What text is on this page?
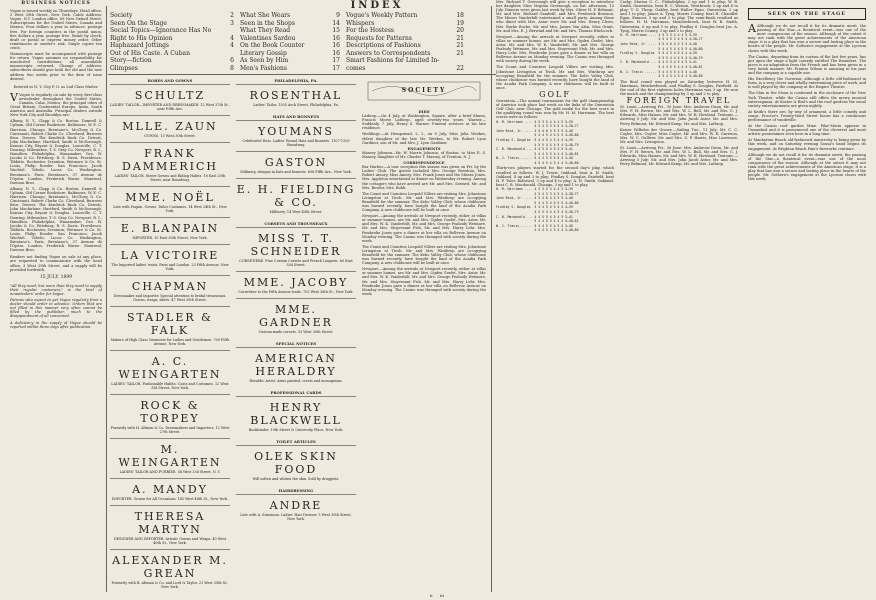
BUSINESS NOTICES
Vogue is issued weekly on Thursdays. Head office, 3 West 29th Street, New York. Cable Address: Vogue, N.Y. London office, 69 New Oxford Street. Subscriptions for the United States, Canada and Mexico, Four dollars a year in advance, postage free. For foreign countries in the postal union, five dollars a year, postage free. Remit by check, draft or postal or express money order. Other remittances at sender's risk. Single copies ten cents.
Manuscripts must be accompanied with postage for return. Vogue assumes no responsibility for unsolicited contributions; all unavailable manuscripts returned. Change of address: subscribers should give both the old and the new address two weeks prior to the date of issue desired.
Entered at N. Y. City P. O. as 2nd Class Matter.
V Vogue is regularly on sale by every first-class newsdealer throughout the United States, Canada, Cuba, Mexico, the principal cities of Great Britain, Continental Europe, India, South America and Australia. Principal dealers outside New York City and Brooklyn are:
Albany, N. Y., Clapp & Co. Boston, Damrell & Upham, Old Corner Bookstore. Baltimore, W. E. C. Harrison. Chicago, Brentano's, McClurg & Co. Cincinnati, Robert Clarke Co. Cleveland, Burrows Bros. Denver, The Kendrick Book Co. Detroit, John Macfarlane. Hartford, Smith & McDonough. Kansas City, Bryant & Douglas. Louisville, C. T. Dearing. Milwaukee, T. S. Gray Co. Newport, R. I., Hamilton. Philadelphia, Wanamaker, Geo. W. Jacobs & Co. Pittsburg, R. S. Davis. Providence, Tibbitts. Rochester, Scranton, Wetmore & Co. St. Louis, Philip Roeder. San Francisco, Jacob Wachtel. Toledo, Lucas Co. Washington, Brentano's. Paris, Brentano's, 37 Avenue de l'Opéra. London, Frederick Warne. Montreal, Dawson Bros.
Albany, N. Y., Clapp & Co. Boston, Damrell & Upham, Old Corner Bookstore. Baltimore, W. E. C. Harrison. Chicago, Brentano's, McClurg & Co. Cincinnati, Robert Clarke Co. Cleveland, Burrows Bros. Denver, The Kendrick Book Co. Detroit, John Macfarlane. Hartford, Smith & McDonough. Kansas City, Bryant & Douglas. Louisville, C. T. Dearing. Milwaukee, T. S. Gray Co. Newport, R. I., Hamilton. Philadelphia, Wanamaker, Geo. W. Jacobs & Co. Pittsburg, R. S. Davis. Providence, Tibbitts. Rochester, Scranton, Wetmore & Co. St. Louis, Philip Roeder. San Francisco, Jacob Wachtel. Toledo, Lucas Co. Washington, Brentano's. Paris, Brentano's, 37 Avenue de l'Opéra. London, Frederick Warne. Montreal, Dawson Bros.
Readers not finding Vogue on sale at any place, are requested to communicate with the head office, 3 West 29th Street, and a supply will be provided forthwith.
15 JULY, 1899
"All they need, but more than they need to supply their regular customers," is the kind of newsdealers' order for Vogue.
Patrons who expect to get Vogue regularly from a dealer should order in advance. Orders that are not filled in this manner very often cannot be filled by the publisher, much to the disappointment of all concerned.
A deficiency in the supply of Vogue should be reported within three days after publication.
INDEX
Society	2
Seen On the Stage	3
Social Topics—Ignorance Has No
Right to His Opinion	4
Haphazard Jottings	4
Out of His Caste. A Cuban
Story—fiction	6
Glimpses	8
What She Wears	9
Seen in the Shops	14
What They Read	15
Valentines Sardou	16
On the Book Counter	16
Literary Gossip	16
As Seen by Him	17
Men's Fashions	17
Vogue's Weekly Pattern	18
Whispers	19
For the Hostess	20
Requests for Patterns	21
Descriptions of Fashions	21
Answers to Correspondents	21
Smart Fashions for Limited In-
comes	22
ROBES AND GOWNS
SCHULTZ
LADIES' TAILOR—IMPORTER AND DRESSMAKER. 12 West 37th St., near Fifth Ave.
MLLE. ZAUN
GOWNS. 15 West 30th Street.
FRANK DAMMERICH
LADIES' TAILOR. Street Gowns and Riding Habits. 18 East 20th Street, near Broadway.
MME. NOËL
Late with Paquin. Gowns, Tailor Costumes. 14 West 24th St., New York.
E. BLANPAIN
IMPORTER. 10 East 30th Street, New York.
LA VICTOIRE
The Imported ladies' waist. Paris and London. 23 Fifth Avenue, New York.
CHAPMAN
Dressmaker and Importer. Special attention to bridal trousseaux. Gowns, wraps, skirts. 47 West 35th Street.
STADLER & FALK
Makers of High Class Garments for Ladies and Gentlemen. 709 Fifth Avenue, New York.
A. C. WEINGARTEN
LADIES' TAILOR. Fashionable Habits, Coats and Costumes. 12 West 33d Street, New York.
ROCK & TORPEY
Formerly with H. Altman & Co. Dressmakers and Importers. 12 West 27th Street.
M. WEINGARTEN
LADIES' TAILOR AND FURRIER. 54 West 33d Street, N. Y.
A. MANDY
IMPORTER. Gowns for All Occasions. 142 West 46th St., New York.
THERESA MARTYN
DESIGNER AND IMPORTER. Artistic Gowns and Wraps. 40 West 40th St., New York.
ALEXANDER M. GREAN
Formerly with B. Altman & Co. and Lord & Taylor. 21 West 35th St., New York.
PHILADELPHIA, PA.
ROSENTHAL
Ladies' Tailor. 1305 Arch Street, Philadelphia, Pa.
HATS AND BONNETS
YOUMANS
Celebrated Hats. Ladies' Round Hats and Bonnets. 1107-1109 Broadway.
GASTON
Millinery, designs in hats and bonnets. 608 Fifth Ave., New York.
E. H. FIELDING & CO.
Millinery. 14 West 40th Street.
CORSETS AND TROUSSEAUX
MISS T. T. SCHNEIDER
CORSETIÈRE. Fine Custom Corsets and French Lingerie. 60 East 33d Street.
MME. JACOBY
Corsetière to the Fifth Avenue trade. 705 West 36th St., New York.
MME. GARDNER
Custom-made corsets. 33 West 30th Street.
SPECIAL NOTICES
AMERICAN HERALDRY
Heraldic Artist. Arms painted, crests and monograms.
PROFESSIONAL CARDS
HENRY BLACKWELL
Bookbinder. 10th Street & University Place, New York.
TOILET ARTICLES
OLEK SKIN FOOD
Will soften and whiten the skin. Sold by druggists.
HAIRDRESSING
ANDRE
Late with A. Simonson. Ladies' Hair Dresser. 5 West 30th Street, New York.
SOCIETY
DIED
Lathrop.—On 4 July, at Washington, Square, after a brief illness, Francis Morse Lathrop, aged seventy-two years. Warner.—Suddenly, 7 July, Henry S. Warner. Funeral services at his late residence.
Weddings.—At Hempstead, L. I., on 8 July, Miss Julia Weekes, eldest daughter of the late Mr. Weekes, to Mr. Robert Lyon Gardiner, son of Mr. and Mrs. J. Lyon Gardiner.
ENGAGEMENTS
Massey Johnson—Mr. W. Morris Johnson, of Boston, to Miss E. S. Massey, daughter of Mr. Charles T. Massey, of Trenton, N. J.
CORRESPONDENCE
Bar Harbor.—A tour reception this season was given on Fri. by the Ladies' Club. The guests included Mrs. George Bowdoin, Mrs. Robert Amory, Miss Amory, Mrs. Frank Jones and the Misses Jones. Mrs. Appleton entertained at dinner on Wednesday evening. Among the cottagers who have arrived are Mr. and Mrs. Seward, Mr. and Mrs. Bowler, Mrs. Robb.
The Count and Countess Leopold Villers are visiting Mrs. Johnstone Livingston at Tivoli. Mr. and Mrs. Winthrop are occupying Beaufield for the summer. The Kebo Valley Club, whose clubhouse was burned recently, have bought the land of the Acadia Park Company. A new clubhouse will be built at once.
Newport.—Among the arrivals at Newport recently, either at villas or summer homes, are Mr. and Mrs. Ogden Goelet, Mrs. Astor, Mr. and Mrs. W. K. Vanderbilt, Mr. and Mrs. George Peabody Wetmore, Mr. and Mrs. Stuyvesant Fish, Mr. and Mrs. Harry Lehr. Mrs. Pembroke Jones gave a dinner at her villa on Bellevue Avenue on Monday evening. The Casino was thronged with society during the week.
The Count and Countess Leopold Villers are visiting Mrs. Johnstone Livingston at Tivoli. Mr. and Mrs. Winthrop are occupying Beaufield for the summer. The Kebo Valley Club, whose clubhouse was burned recently, have bought the land of the Acadia Park Company. A new clubhouse will be built at once.
Newport.—Among the arrivals at Newport recently, either at villas or summer homes, are Mr. and Mrs. Ogden Goelet, Mrs. Astor, Mr. and Mrs. W. K. Vanderbilt, Mr. and Mrs. George Peabody Wetmore, Mr. and Mrs. Stuyvesant Fish, Mr. and Mrs. Harry Lehr. Mrs. Pembroke Jones gave a dinner at her villa on Bellevue Avenue on Monday evening. The Casino was thronged with society during the week.
Mrs. Richard T. Greenough will give a reception to introduce her daughter, Miss Virginia Greenough, on Sat. afternoon, 15 July. Dinners were given last week by Mrs. Oliver H. P. Belmont, Mr. and Mrs. Richard Gambrill, and Mrs. Frederick Bronson. The Misses Vanderbilt entertained a small party. Among those who dined with Mrs. Astor were Mr. and Mrs. Henry Clews, Mrs. Burke Roche, Mr. and Mrs. James Van Alen, Miss Grant, Mr. and Mrs. E. J. Berwind and Mr. and Mrs. Thomas Hitchcock.
Newport.—Among the arrivals at Newport recently, either at villas or summer homes, are Mr. and Mrs. Ogden Goelet, Mrs. Astor, Mr. and Mrs. W. K. Vanderbilt, Mr. and Mrs. George Peabody Wetmore, Mr. and Mrs. Stuyvesant Fish, Mr. and Mrs. Harry Lehr. Mrs. Pembroke Jones gave a dinner at her villa on Bellevue Avenue on Monday evening. The Casino was thronged with society during the week.
The Count and Countess Leopold Villers are visiting Mrs. Johnstone Livingston at Tivoli. Mr. and Mrs. Winthrop are occupying Beaufield for the summer. The Kebo Valley Club, whose clubhouse was burned recently, have bought the land of the Acadia Park Company. A new clubhouse will be built at once.
GOLF
Oswentsia.—The annual tournament for the golf championship of America took place last week on the links of the Onwentsia Golf Club, near Chicago. The gold medal for the best score in the qualifying round was won by Mr. H. M. Harriman. The best scores were as follows:
H. M. Harriman .... 4 5 3 5 4 4 4 5 5—39
4 5 4 5 3 4 5 4 4—38—77
John Reid, Jr. .... 4 5 4 6 4 5 3 5 4—40
5 4 4 5 4 4 5 5 4—40—80
Findlay S. Douglas  5 4 4 5 4 5 4 4 4—39
4 5 5 4 4 4 5 4 5—40—79
C. B. Macdonald ... 4 4 5 5 4 5 4 5 5—41
5 4 4 5 5 4 4 4 5—40—81
W. J. Travis ...... 5 4 4 5 5 4 5 4 4—40
4 5 4 5 4 5 4 4 5—40—80
Thirty-two players started for the second day's play, which resulted as follows: W. J. Travis, Oakland, beat A. H. Smith, Oakland, 4 up and 3 to play; Findlay S. Douglas, Fairfield, beat H. P. Toler, Baltusrol, 5 up and 4 to play; A. H. Smith, Oakland, beat C. B. Macdonald, Chicago, 3 up and 1 to play.
H. M. Harriman .... 4 5 3 5 4 4 4 5 5—39
4 5 4 5 3 4 5 4 4—38—77
John Reid, Jr. .... 4 5 4 6 4 5 3 5 4—40
5 4 4 5 4 4 5 5 4—40—80
Findlay S. Douglas  5 4 4 5 4 5 4 4 4—39
4 5 5 4 4 4 5 4 5—40—79
C. B. Macdonald ... 4 4 5 5 4 5 4 5 5—41
5 4 4 5 5 4 4 4 5—40—81
W. J. Travis ...... 5 4 4 5 5 4 5 4 4—40
4 5 4 5 4 5 4 4 5—40—80
Cashy; Marion C. C., Philadelphia, 2 up and 1 to play; W. B. Smith, Onwentsia, beat R. C. Watson, Westbrook, 5 up and 4 to play; T. G. Thorp, Oakley, beat Walter Egan, Onwentsia, 2 up and 1 to play; James A. Tyng, Morris County, beat H. Chandler Egan, Exmoor, 3 up and 2 to play. The semi-finals resulted as follows: H. M. Harriman, Meadowbrook, beat W. B. Smith, Onwentsia, 6 up and 5 to play. Findlay S. Douglas beat Jas. A. Tyng, Morris County, 3 up and 2 to play.
H. M. Harriman .... 4 5 3 5 4 4 4 5 5—39
4 5 4 5 3 4 5 4 4—38—77
John Reid, Jr. .... 4 5 4 6 4 5 3 5 4—40
5 4 4 5 4 4 5 5 4—40—80
Findlay S. Douglas  5 4 4 5 4 5 4 4 4—39
4 5 5 4 4 4 5 4 5—40—79
C. B. Macdonald ... 4 4 5 5 4 5 4 5 5—41
5 4 4 5 5 4 4 4 5—40—81
W. J. Travis ...... 5 4 4 5 5 4 5 4 4—40
4 5 4 5 4 5 4 4 5—40—80
The final round was played on Saturday between H. M. Harriman, Meadowbrook, and Findlay S. Douglas, Fairfield. At the end of the first eighteen holes Harriman was 3 up. He won the match and the championship by 3 up and 2 to play.
FOREIGN TRAVEL
St. Louis.—Arriving Fri., 30 June: Mrs. Ambrose Dunn, Mr. and Mrs. F. H. Brown, Mr. and Mrs. W. L. Bull, Mr. and Mrs. C. J. Edwards, Miss Haines, Mr. and Mrs. W. H. Howland. Teutonic.—Arriving 5 July: Mr. and Mrs. John Jacob Astor, Mr. and Mrs. Perry Belmont, Mr. Edward Kemp, Mr. and Mrs. Lathrop.
Kaiser Wilhelm der Grosse.—Sailing Tue., 11 July: Mr. C. C. Cuyler, Mrs. Cuyler, Miss Cuyler, Mr. and Mrs. W. R. Garrison, Mrs. W. C. Gulliver, Mr. and Mrs. G. P. Harris, Miss Lawrence, Mr. and Mrs. Livingston.
St. Louis.—Arriving Fri., 30 June: Mrs. Ambrose Dunn, Mr. and Mrs. F. H. Brown, Mr. and Mrs. W. L. Bull, Mr. and Mrs. C. J. Edwards, Miss Haines, Mr. and Mrs. W. H. Howland. Teutonic.—Arriving 5 July: Mr. and Mrs. John Jacob Astor, Mr. and Mrs. Perry Belmont, Mr. Edward Kemp, Mr. and Mrs. Lathrop.
SEEN ON THE STAGE
A Although we do not recall it for its dramatic merit, the passing of the Star—a theatrical event—was one of the most conspicuous of the season. Although at the outset it may not rank with the great achievements of the American stage, it is a play that has won a secure and lasting place in the hearts of the people. Mr. Sothern's engagement at the Lyceum closes with this week.
The Casino, departing from its custom of the last few years, has put upon the stage a light comedy entitled The Rounders. The piece is an adaptation from the French and has been given in a very lavish manner. Mr. Francis Wilson is amusing in his part and the company is a capable one.
His Excellency the Governor, although a little old-fashioned in form, is a very clever and wholly entertaining piece of work, and is well played by the company at the Empire Theatre.
The Man in the Moon is continued in the enclosure of the New York Theatre, while the Casino still offers the merry musical extravaganza. At Koster & Bial's and the roof gardens the usual variety entertainments are given nightly.
At Keith's there are, by way of ornament, a little comedy and songs. Proctor's Twenty-third Street house has a continuous performance of vaudeville.
At the Casino roof garden Mme. Pilar-Morin appears in Unmasked and it is pronounced one of the cleverest and most artistic pantomimes seen here in a long time.
At Manhattan Beach old-fashioned minstrelsy is being given by this week, and on Saturday evening Sousa's band begins its engagement. At Brighton Beach Pain's fireworks continue.
Although we do not recall it for its dramatic merit, the passing of the Star—a theatrical event—was one of the most conspicuous of the season. Although at the outset it may not rank with the great achievements of the American stage, it is a play that has won a secure and lasting place in the hearts of the people. Mr. Sothern's engagement at the Lyceum closes with this week.
ii iii
